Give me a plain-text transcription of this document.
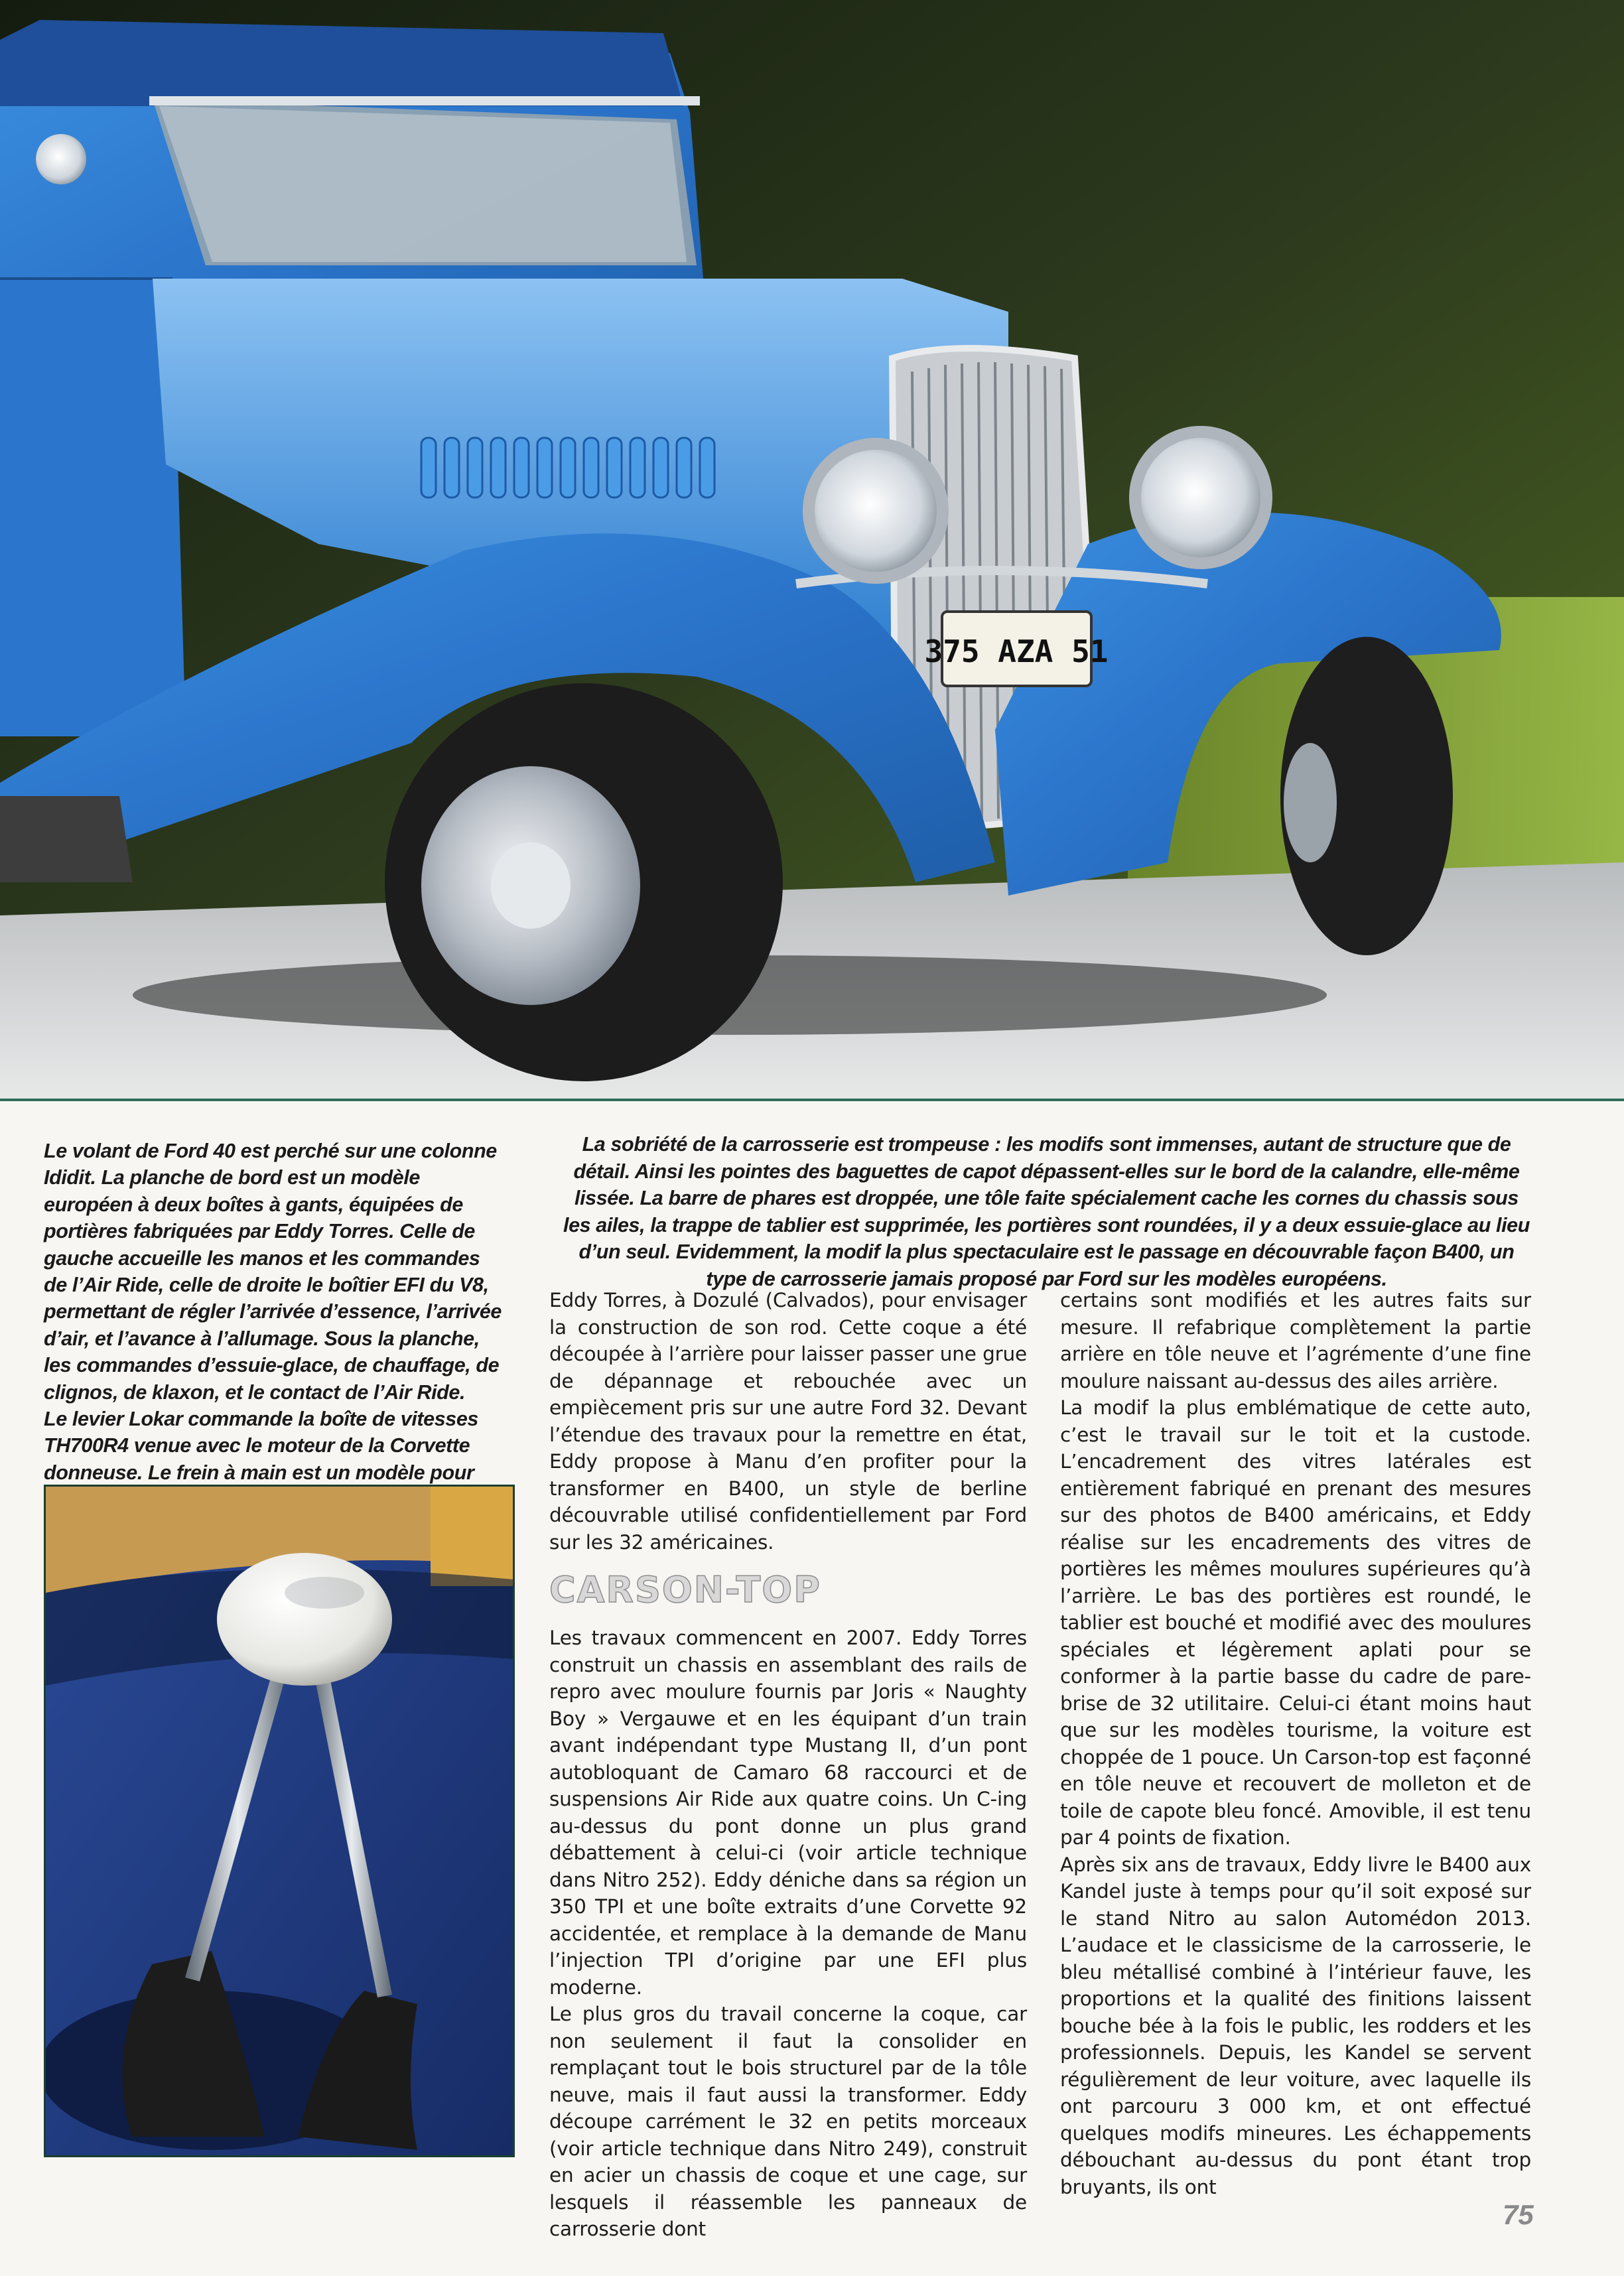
375 AZA 51

Le volant de Ford 40 est perché sur une colonne Ididit. La planche de bord est un modèle européen à deux boîtes à gants, équipées de portières fabriquées par Eddy Torres. Celle de gauche accueille les manos et les commandes de l’Air Ride, celle de droite le boîtier EFI du V8, permettant de régler l’arrivée d’essence, l’arrivée d’air, et l’avance à l’allumage. Sous la planche, les commandes d’essuie-glace, de chauffage, de clignos, de klaxon, et le contact de l’Air Ride.

Le levier Lokar commande la boîte de vitesses TH700R4 venue avec le moteur de la Corvette donneuse. Le frein à main est un modèle pour

La sobriété de la carrosserie est trompeuse : les modifs sont immenses, autant de structure que de détail. Ainsi les pointes des baguettes de capot dépassent-elles sur le bord de la calandre, elle-même lissée. La barre de phares est droppée, une tôle faite spécialement cache les cornes du chassis sous les ailes, la trappe de tablier est supprimée, les portières sont roundées, il y a deux essuie-glace au lieu d’un seul. Evidemment, la modif la plus spectaculaire est le passage en découvrable façon B400, un type de carrosserie jamais proposé par Ford sur les modèles européens.

Eddy Torres, à Dozulé (Calvados), pour envisager la construction de son rod. Cette coque a été découpée à l’arrière pour laisser passer une grue de dépannage et rebouchée avec un empiècement pris sur une autre Ford 32. Devant l’étendue des travaux pour la remettre en état, Eddy propose à Manu d’en profiter pour la transformer en B400, un style de berline découvrable utilisé confidentiellement par Ford sur les 32 américaines.

CARSON-TOP

Les travaux commencent en 2007. Eddy Torres construit un chassis en assemblant des rails de repro avec moulure fournis par Joris « Naughty Boy » Vergauwe et en les équipant d’un train avant indépendant type Mustang II, d’un pont autobloquant de Camaro 68 raccourci et de suspensions Air Ride aux quatre coins. Un C-ing au-dessus du pont donne un plus grand débattement à celui-ci (voir article technique dans Nitro 252). Eddy déniche dans sa région un 350 TPI et une boîte extraits d’une Corvette 92 accidentée, et remplace à la demande de Manu l’injection TPI d’origine par une EFI plus moderne.

Le plus gros du travail concerne la coque, car non seulement il faut la consolider en remplaçant tout le bois structurel par de la tôle neuve, mais il faut aussi la transformer. Eddy découpe carrément le 32 en petits morceaux (voir article technique dans Nitro 249), construit en acier un chassis de coque et une cage, sur lesquels il réassemble les panneaux de carrosserie dont

certains sont modifiés et les autres faits sur mesure. Il refabrique complètement la partie arrière en tôle neuve et l’agrémente d’une fine moulure naissant au-dessus des ailes arrière.

La modif la plus emblématique de cette auto, c’est le travail sur le toit et la custode. L’encadrement des vitres latérales est entièrement fabriqué en prenant des mesures sur des photos de B400 américains, et Eddy réalise sur les encadrements des vitres de portières les mêmes moulures supérieures qu’à l’arrière. Le bas des portières est roundé, le tablier est bouché et modifié avec des moulures spéciales et légèrement aplati pour se conformer à la partie basse du cadre de pare-brise de 32 utilitaire. Celui-ci étant moins haut que sur les modèles tourisme, la voiture est choppée de 1 pouce. Un Carson-top est façonné en tôle neuve et recouvert de molleton et de toile de capote bleu foncé. Amovible, il est tenu par 4 points de fixation.

Après six ans de travaux, Eddy livre le B400 aux Kandel juste à temps pour qu’il soit exposé sur le stand Nitro au salon Automédon 2013. L’audace et le classicisme de la carrosserie, le bleu métallisé combiné à l’intérieur fauve, les proportions et la qualité des finitions laissent bouche bée à la fois le public, les rodders et les professionnels. Depuis, les Kandel se servent régulièrement de leur voiture, avec laquelle ils ont parcouru 3 000 km, et ont effectué quelques modifs mineures. Les échappements débouchant au-dessus du pont étant trop bruyants, ils ont

75
